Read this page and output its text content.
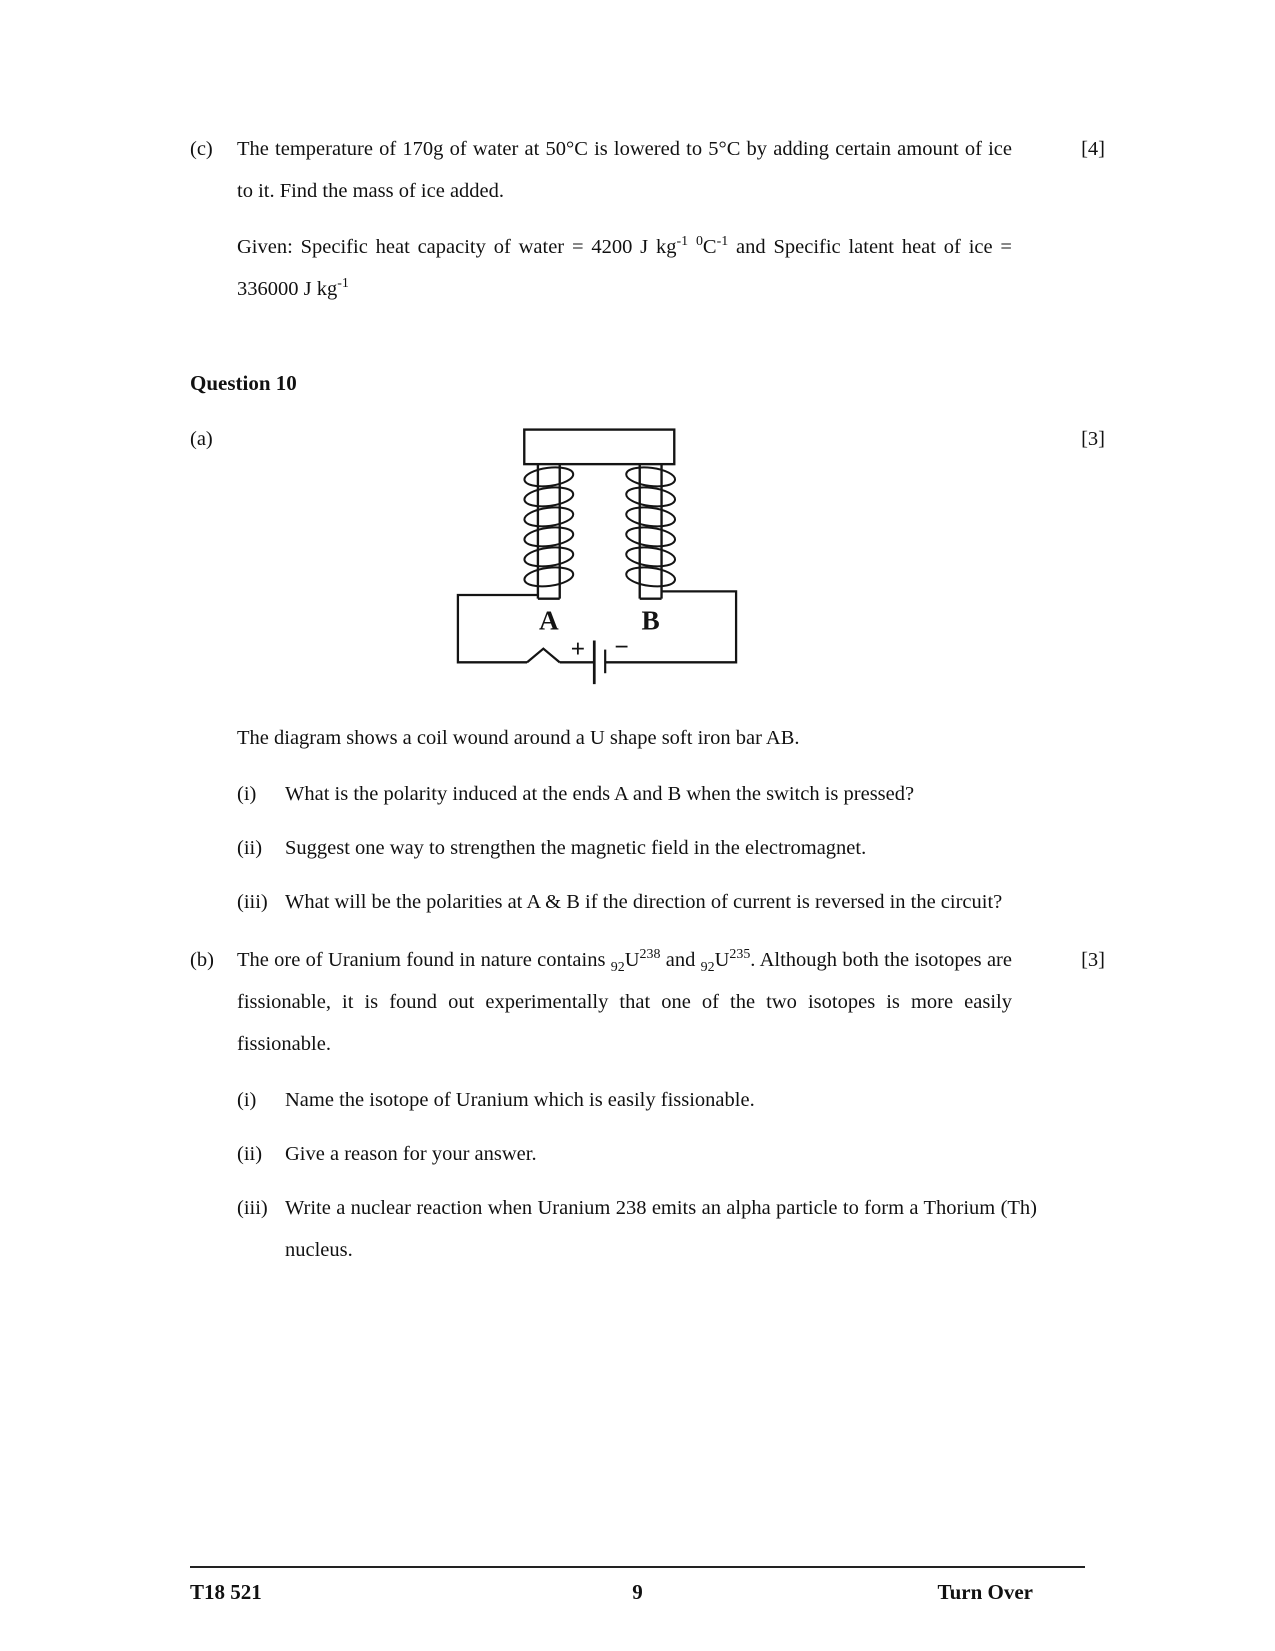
(c)	The temperature of 170g of water at 50°C is lowered to 5°C by adding certain amount of ice to it. Find the mass of ice added.
[4]
Given: Specific heat capacity of water = 4200 J $kg^{-1}$ $^0C^{-1}$ and Specific latent heat of ice = 336000 J $kg^{-1}$
Question 10
(a)
+ −
A	B
[3]
The diagram shows a coil wound around a U shape soft iron bar AB.
(i)	What is the polarity induced at the ends A and B when the switch is pressed?
(ii)	Suggest one way to strengthen the magnetic field in the electromagnet.
(iii) What will be the polarities at A & B if the direction of current is reversed in the circuit?
(b)	The ore of Uranium found in nature contains $_{92}U^{238}$ and $_{92}U^{235}$. Although both the isotopes are fissionable, it is found out experimentally that one of the two isotopes is more easily fissionable.
[3]
(i)	Name the isotope of Uranium which is easily fissionable.
(ii)	Give a reason for your answer.
(iii) Write a nuclear reaction when Uranium 238 emits an alpha particle to form a Thorium (Th) nucleus.
T18 521	9	Turn Over
